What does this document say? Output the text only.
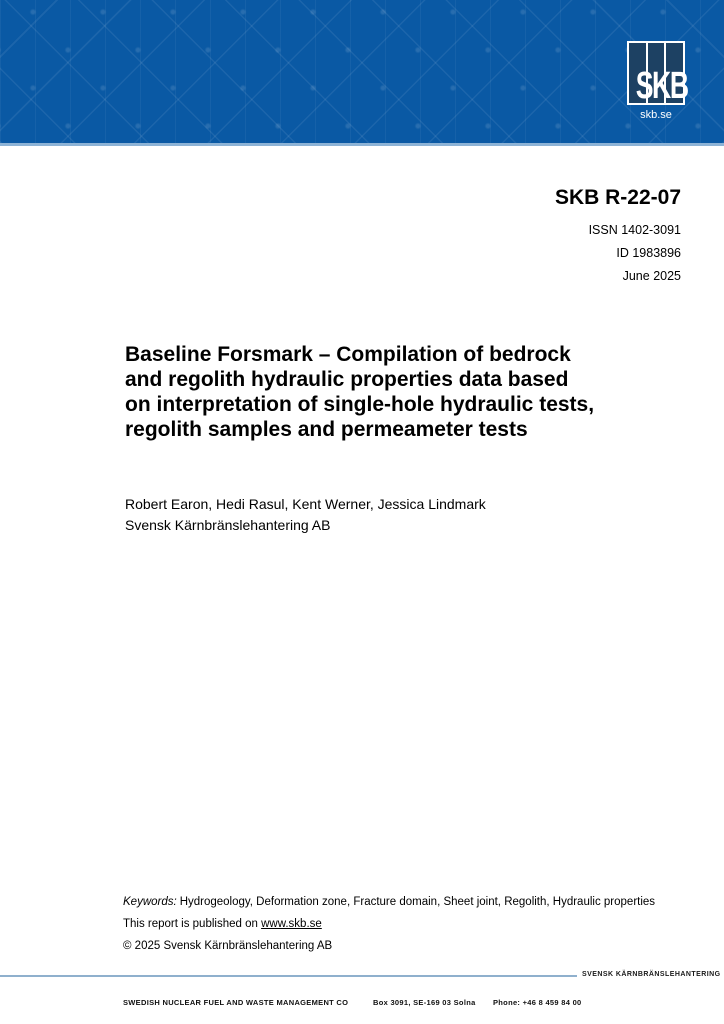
SKB
skb.se
SKB R-22-07
ISSN 1402-3091
ID 1983896
June 2025
Baseline Forsmark – Compilation of bedrock
and regolith hydraulic properties data based
on interpretation of single-hole hydraulic tests,
regolith samples and permeameter tests
Robert Earon, Hedi Rasul, Kent Werner, Jessica Lindmark
Svensk Kärnbränslehantering AB
Keywords: Hydrogeology, Deformation zone, Fracture domain, Sheet joint, Regolith, Hydraulic properties
This report is published on www.skb.se
© 2025 Svensk Kärnbränslehantering AB
SVENSK KÄRNBRÄNSLEHANTERING
SWEDISH NUCLEAR FUEL AND WASTE MANAGEMENT CO	Box 3091, SE-169 03 Solna Phone: +46 8 459 84 00
